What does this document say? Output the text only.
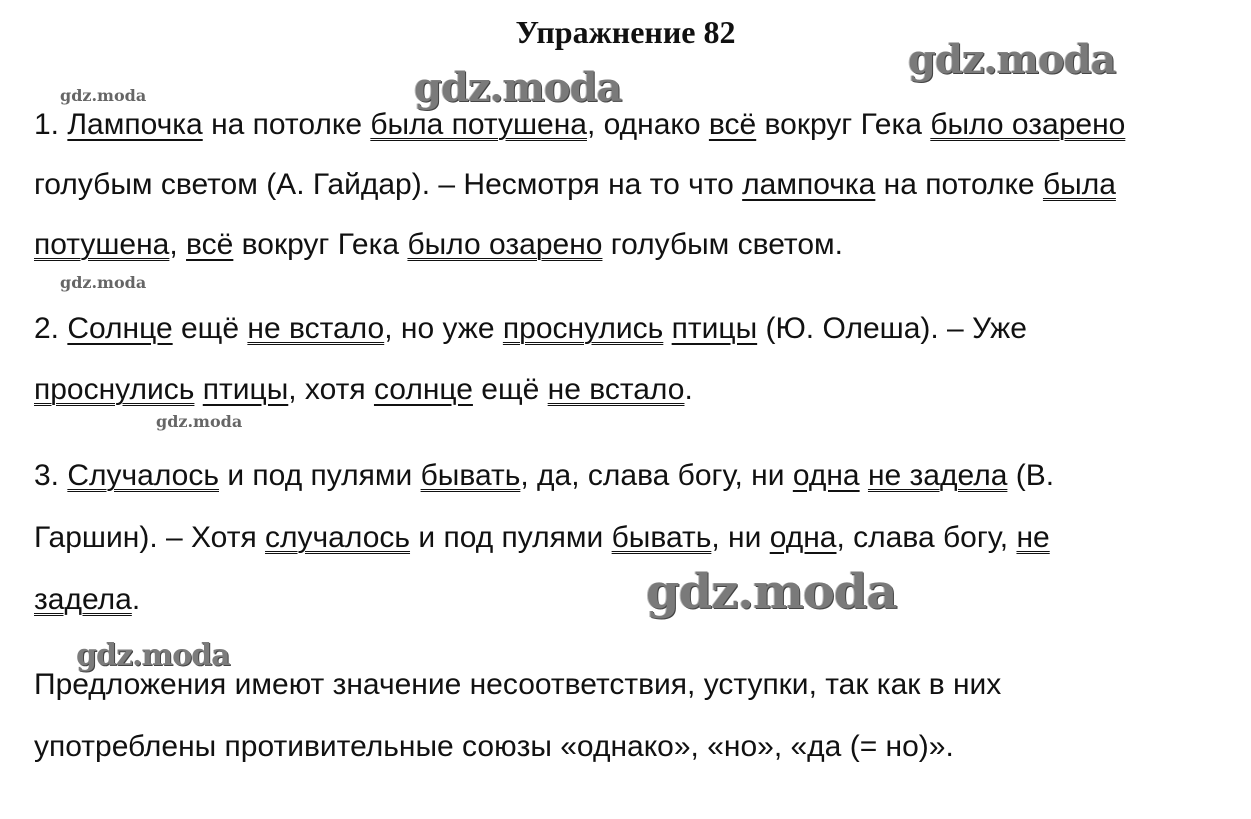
Упражнение 82
1. Лампочка на потолке была потушена, однако всё вокруг Гека было озарено
голубым светом (А. Гайдар). – Несмотря на то что лампочка на потолке была
потушена, всё вокруг Гека было озарено голубым светом.
2. Солнце ещё не встало, но уже проснулись птицы (Ю. Олеша). – Уже
проснулись птицы, хотя солнце ещё не встало.
3. Случалось и под пулями бывать, да, слава богу, ни одна не задела (В.
Гаршин). – Хотя случалось и под пулями бывать, ни одна, слава богу, не
задела.
Предложения имеют значение несоответствия, уступки, так как в них
употреблены противительные союзы «однако», «но», «да (= но)».
gdz.moda
gdz.moda
gdz.moda
gdz.moda
gdz.moda
gdz.moda
gdz.moda
